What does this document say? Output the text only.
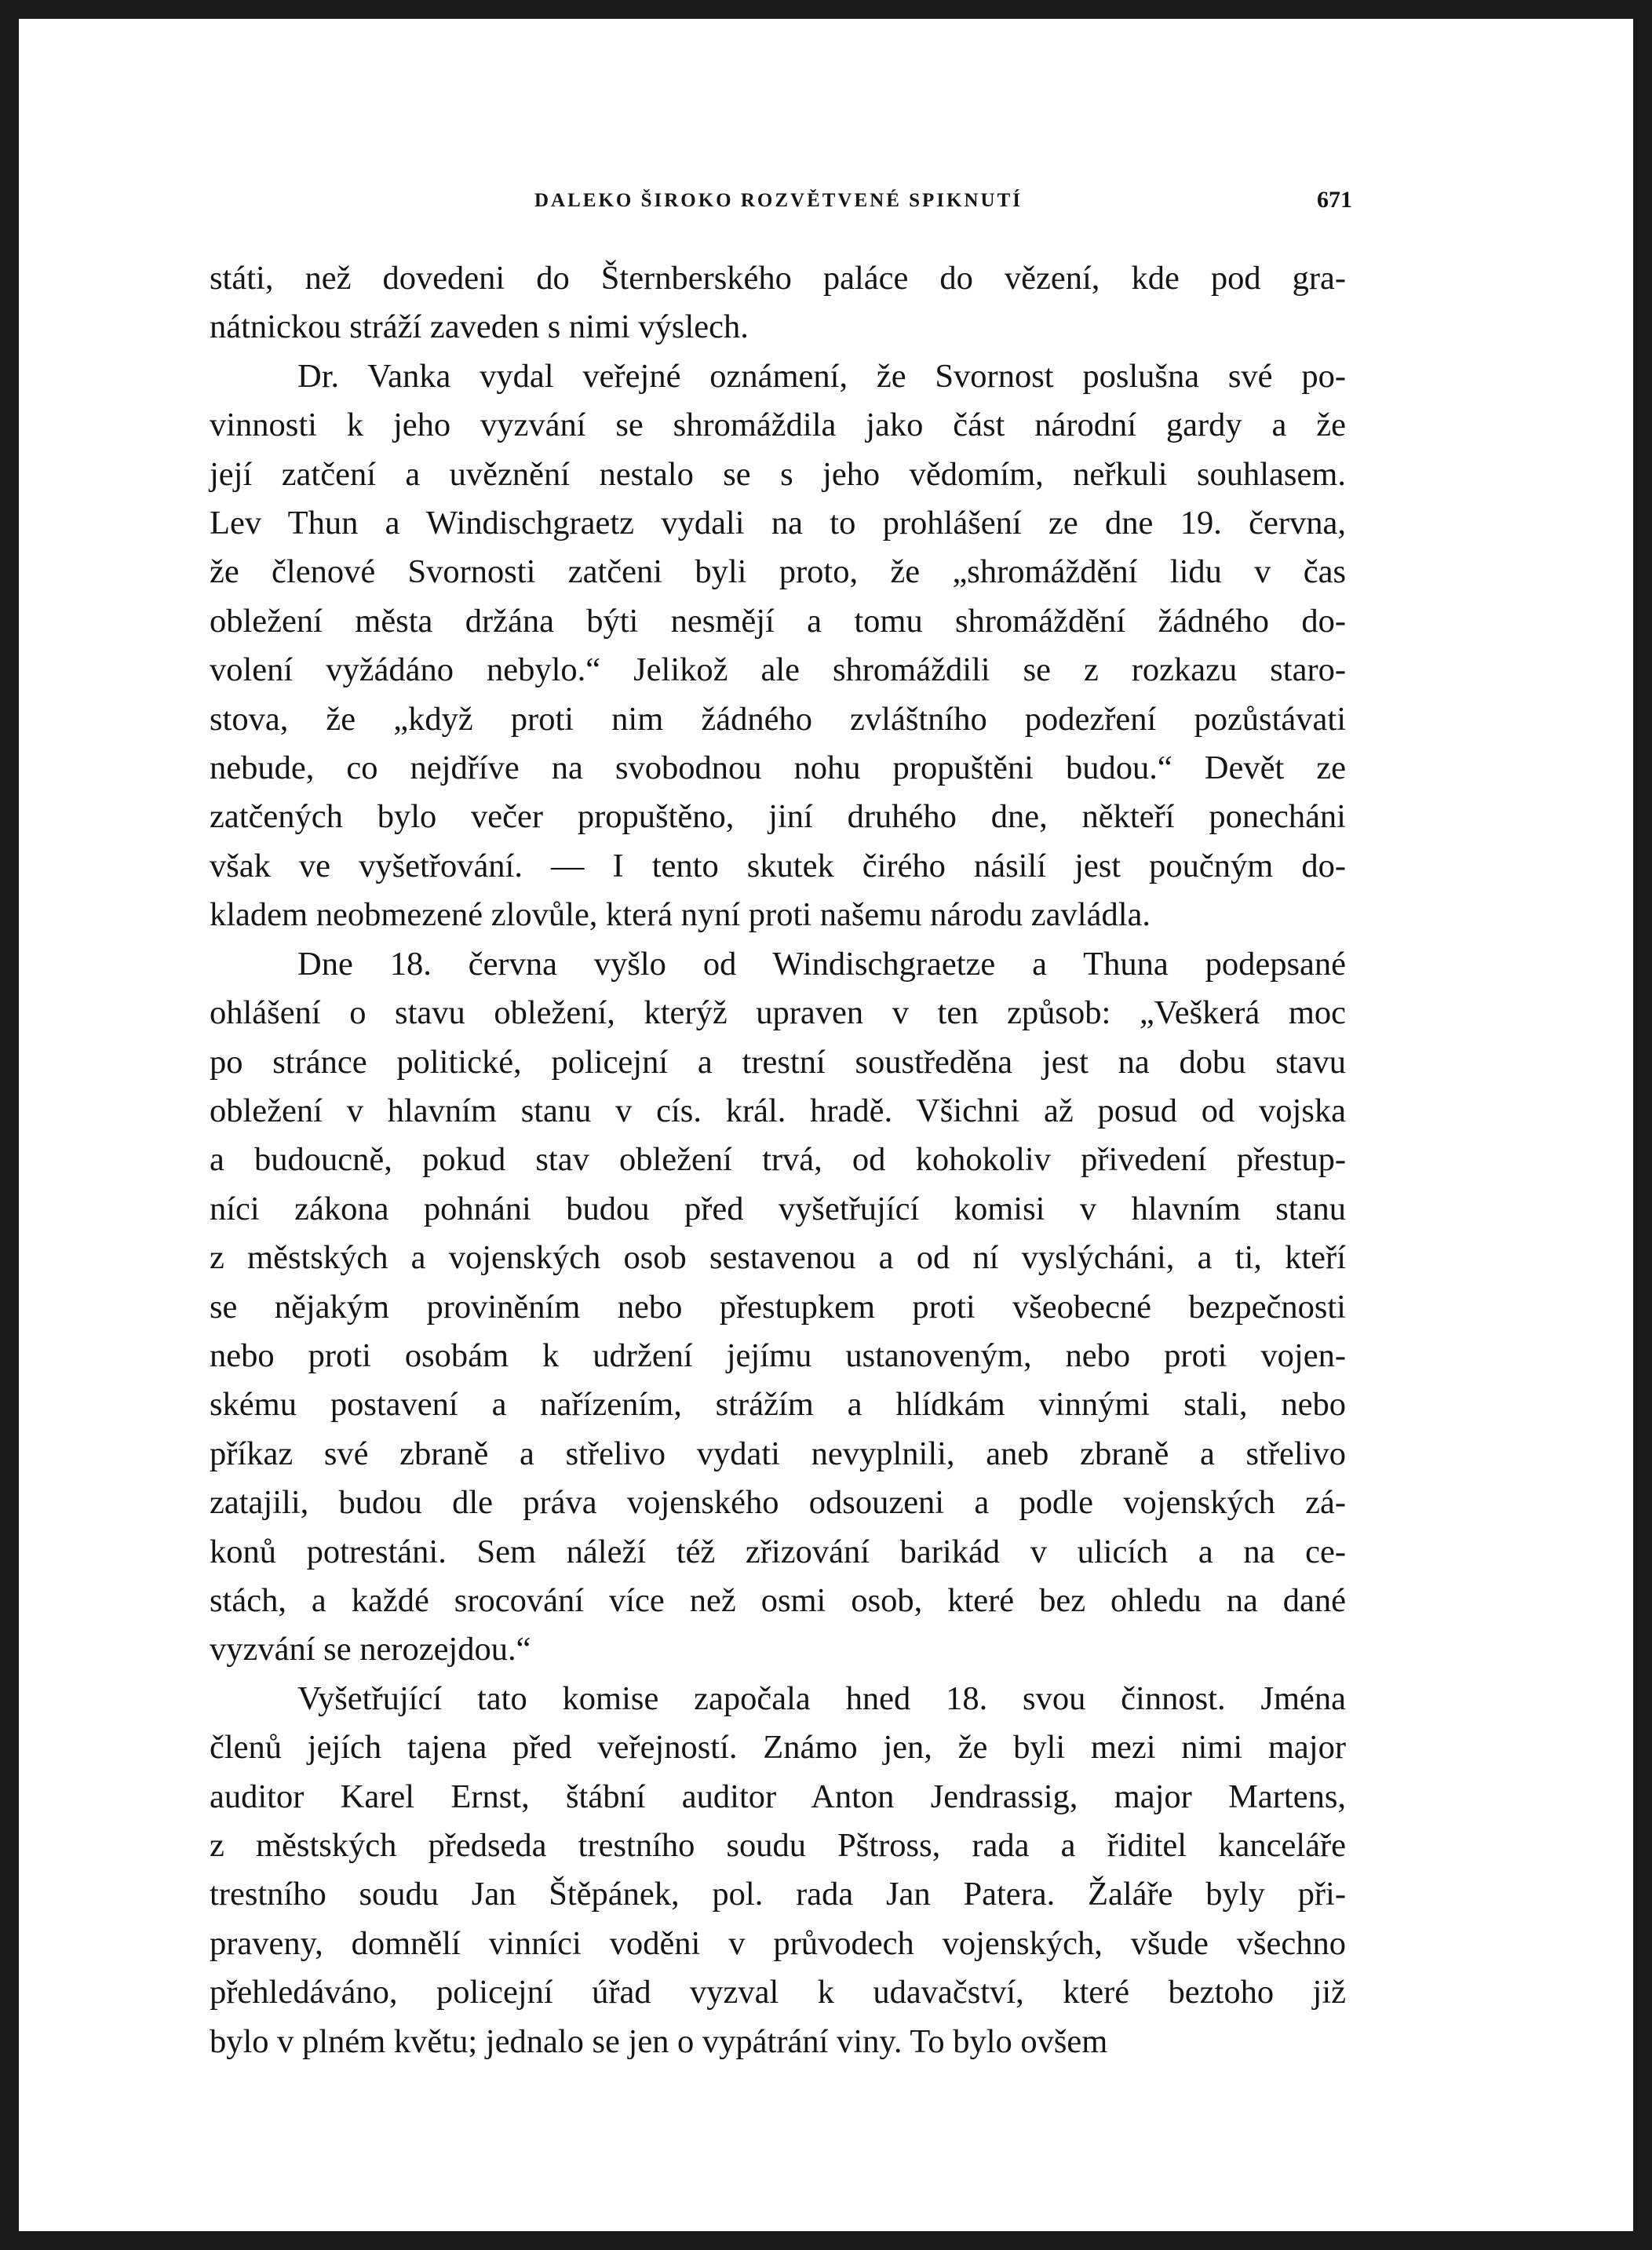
DALEKO ŠIROKO ROZVĚTVENÉ SPIKNUTÍ	671
státi, než dovedeni do Šternberského paláce do vězení, kde pod gra-
nátnickou stráží zaveden s nimi výslech.
Dr. Vanka vydal veřejné oznámení, že Svornost poslušna své po-
vinnosti k jeho vyzvání se shromáždila jako část národní gardy a že
její zatčení a uvěznění nestalo se s jeho vědomím, neřkuli souhlasem.
Lev Thun a Windischgraetz vydali na to prohlášení ze dne 19. června,
že členové Svornosti zatčeni byli proto, že „shromáždění lidu v čas
obležení města držána býti nesmějí a tomu shromáždění žádného do-
volení vyžádáno nebylo.“ Jelikož ale shromáždili se z rozkazu staro-
stova, že „když proti nim žádného zvláštního podezření pozůstávati
nebude, co nejdříve na svobodnou nohu propuštěni budou.“ Devět ze
zatčených bylo večer propuštěno, jiní druhého dne, někteří ponecháni
však ve vyšetřování. — I tento skutek čirého násilí jest poučným do-
kladem neobmezené zlovůle, která nyní proti našemu národu zavládla.
Dne 18. června vyšlo od Windischgraetze a Thuna podepsané
ohlášení o stavu obležení, kterýž upraven v ten způsob: „Veškerá moc
po stránce politické, policejní a trestní soustředěna jest na dobu stavu
obležení v hlavním stanu v cís. král. hradě. Všichni až posud od vojska
a budoucně, pokud stav obležení trvá, od kohokoliv přivedení přestup-
níci zákona pohnáni budou před vyšetřující komisi v hlavním stanu
z městských a vojenských osob sestavenou a od ní vyslýcháni, a ti, kteří
se nějakým proviněním nebo přestupkem proti všeobecné bezpečnosti
nebo proti osobám k udržení jejímu ustanoveným, nebo proti vojen-
skému postavení a nařízením, strážím a hlídkám vinnými stali, nebo
příkaz své zbraně a střelivo vydati nevyplnili, aneb zbraně a střelivo
zatajili, budou dle práva vojenského odsouzeni a podle vojenských zá-
konů potrestáni. Sem náleží též zřizování barikád v ulicích a na ce-
stách, a každé srocování více než osmi osob, které bez ohledu na dané
vyzvání se nerozejdou.“
Vyšetřující tato komise započala hned 18. svou činnost. Jména
členů jejích tajena před veřejností. Známo jen, že byli mezi nimi major
auditor Karel Ernst, štábní auditor Anton Jendrassig, major Martens,
z městských předseda trestního soudu Pštross, rada a řiditel kanceláře
trestního soudu Jan Štěpánek, pol. rada Jan Patera. Žaláře byly při-
praveny, domnělí vinníci voděni v průvodech vojenských, všude všechno
přehledáváno, policejní úřad vyzval k udavačství, které beztoho již
bylo v plném květu; jednalo se jen o vypátrání viny. To bylo ovšem
